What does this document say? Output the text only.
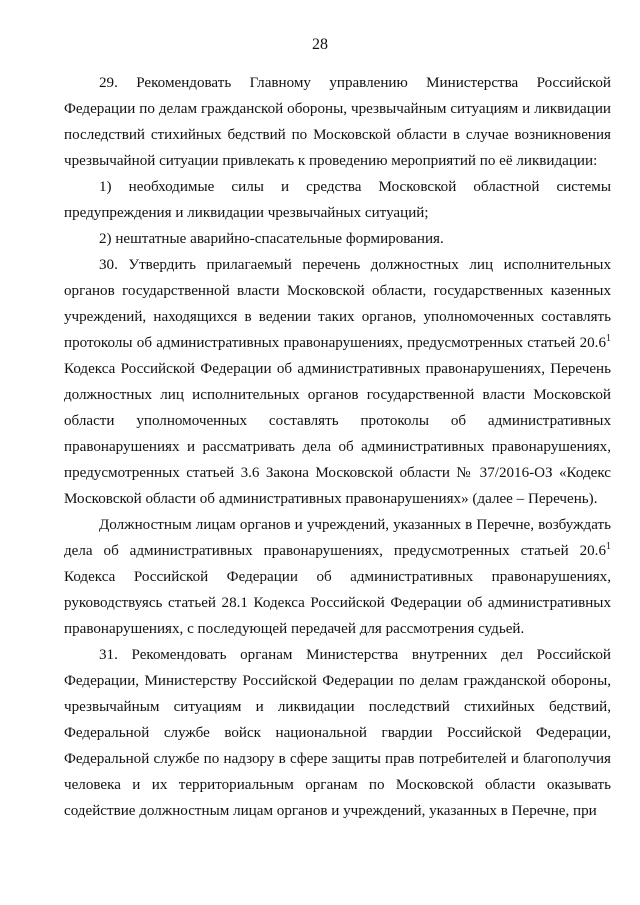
28

29. Рекомендовать Главному управлению Министерства Российской Федерации по делам гражданской обороны, чрезвычайным ситуациям и ликвидации последствий стихийных бедствий по Московской области в случае возникновения чрезвычайной ситуации привлекать к проведению мероприятий по её ликвидации:

1) необходимые силы и средства Московской областной системы предупреждения и ликвидации чрезвычайных ситуаций;

2) нештатные аварийно-спасательные формирования.

30. Утвердить прилагаемый перечень должностных лиц исполнительных органов государственной власти Московской области, государственных казенных учреждений, находящихся в ведении таких органов, уполномоченных составлять протоколы об административных правонарушениях, предусмотренных статьей 20.6$^1$ Кодекса Российской Федерации об административных правонарушениях, Перечень должностных лиц исполнительных органов государственной власти Московской области уполномоченных составлять протоколы об административных правонарушениях и рассматривать дела об административных правонарушениях, предусмотренных статьей 3.6 Закона Московской области № 37/2016-ОЗ «Кодекс Московской области об административных правонарушениях» (далее – Перечень).

Должностным лицам органов и учреждений, указанных в Перечне, возбуждать дела об административных правонарушениях, предусмотренных статьей 20.6$^1$ Кодекса Российской Федерации об административных правонарушениях, руководствуясь статьей 28.1 Кодекса Российской Федерации об административных правонарушениях, с последующей передачей для рассмотрения судьей.

31. Рекомендовать органам Министерства внутренних дел Российской Федерации, Министерству Российской Федерации по делам гражданской обороны, чрезвычайным ситуациям и ликвидации последствий стихийных бедствий, Федеральной службе войск национальной гвардии Российской Федерации, Федеральной службе по надзору в сфере защиты прав потребителей и благополучия человека и их территориальным органам по Московской области оказывать содействие должностным лицам органов и учреждений, указанных в Перечне, при
